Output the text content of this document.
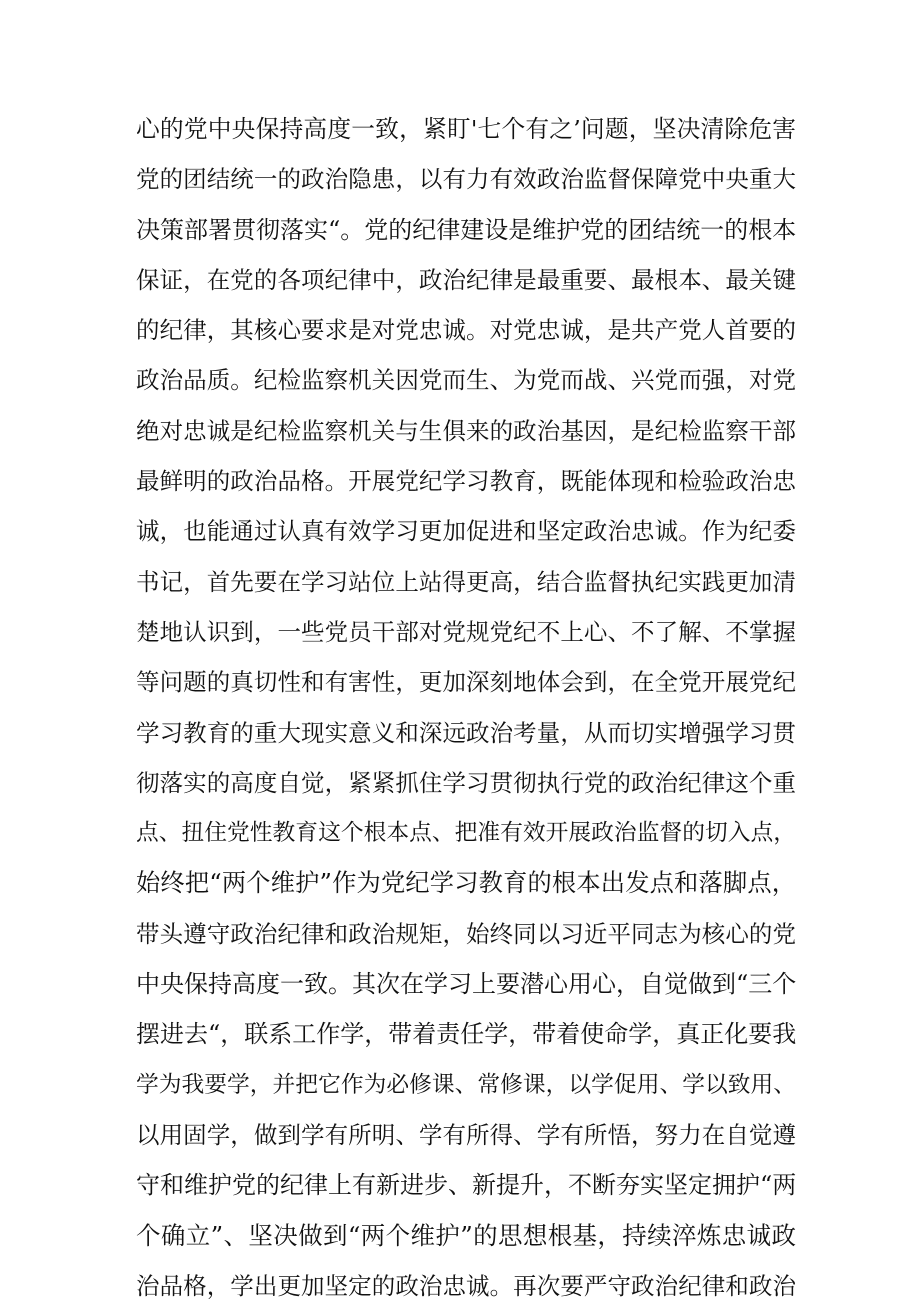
心的党中央保持高度一致，紧盯'七个有之’问题，坚决清除危害
党的团结统一的政治隐患，以有力有效政治监督保障党中央重大
决策部署贯彻落实“。党的纪律建设是维护党的团结统一的根本
保证，在党的各项纪律中，政治纪律是最重要、最根本、最关键
的纪律，其核心要求是对党忠诚。对党忠诚，是共产党人首要的
政治品质。纪检监察机关因党而生、为党而战、兴党而强，对党
绝对忠诚是纪检监察机关与生俱来的政治基因，是纪检监察干部
最鲜明的政治品格。开展党纪学习教育，既能体现和检验政治忠
诚，也能通过认真有效学习更加促进和坚定政治忠诚。作为纪委
书记，首先要在学习站位上站得更高，结合监督执纪实践更加清
楚地认识到，一些党员干部对党规党纪不上心、不了解、不掌握
等问题的真切性和有害性，更加深刻地体会到，在全党开展党纪
学习教育的重大现实意义和深远政治考量，从而切实增强学习贯
彻落实的高度自觉，紧紧抓住学习贯彻执行党的政治纪律这个重
点、扭住党性教育这个根本点、把准有效开展政治监督的切入点，
始终把“两个维护”作为党纪学习教育的根本出发点和落脚点，
带头遵守政治纪律和政治规矩，始终同以习近平同志为核心的党
中央保持高度一致。其次在学习上要潜心用心，自觉做到“三个
摆进去“，联系工作学，带着责任学，带着使命学，真正化要我
学为我要学，并把它作为必修课、常修课，以学促用、学以致用、
以用固学，做到学有所明、学有所得、学有所悟，努力在自觉遵
守和维护党的纪律上有新进步、新提升，不断夯实坚定拥护“两
个确立”、坚决做到“两个维护”的思想根基，持续淬炼忠诚政
治品格，学出更加坚定的政治忠诚。再次要严守政治纪律和政治
